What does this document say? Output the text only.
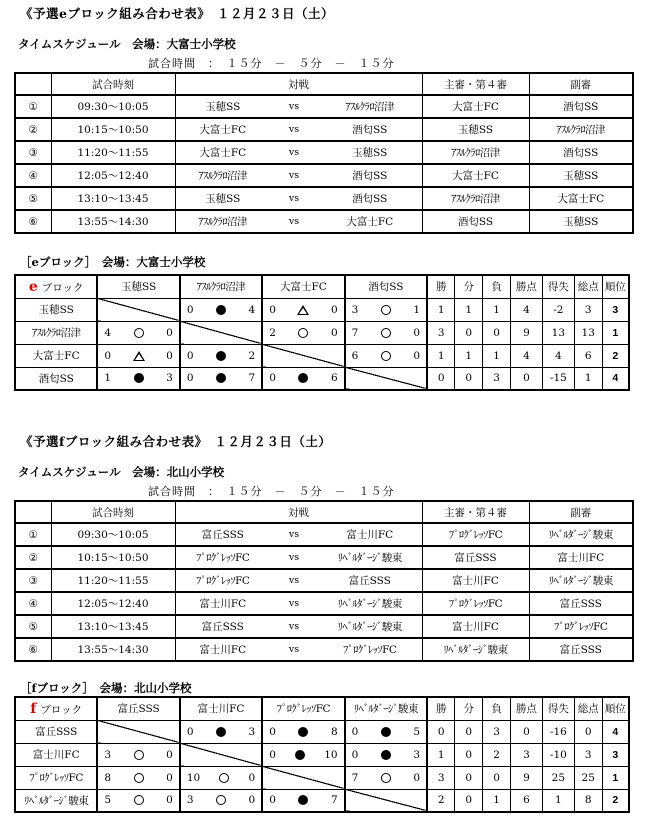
《予選eブロック組み合わせ表》　１２月２３日（土）
タイムスケジュール　会場：大富士小学校
試合時間　：　１５分　－　５分　－　１５分
	試合時刻	対戦			主審・第４審	副審
①	09:30～10:05	玉穂SS	vs	ｱｽﾙｸﾗﾛ沼津	大富士FC	酒匂SS
②	10:15～10:50	大富士FC	vs	酒匂SS	玉穂SS	ｱｽﾙｸﾗﾛ沼津
③	11:20～11:55	大富士FC	vs	玉穂SS	ｱｽﾙｸﾗﾛ沼津	酒匂SS
④	12:05～12:40	ｱｽﾙｸﾗﾛ沼津	vs	酒匂SS	大富士FC	玉穂SS
⑤	13:10～13:45	玉穂SS	vs	酒匂SS	ｱｽﾙｸﾗﾛ沼津	大富士FC
⑥	13:55～14:30	ｱｽﾙｸﾗﾛ沼津	vs	大富士FC	酒匂SS	玉穂SS
［eブロック］　会場：大富士小学校
e ブロック	玉穂SS	ｱｽﾙｸﾗﾛ沼津	大富士FC	酒匂SS	勝	分	負	勝点	得失	総点	順位
玉穂SS		0 4	0 0	3 1	1	1	1	4	-2	3	3
ｱｽﾙｸﾗﾛ沼津	4 0		2 0	7 0	3	0	0	9	13	13	1
大富士FC	0 0	0 2		6 0	1	1	1	4	4	6	2
酒匂SS	1 3	0 7	0 6		0	0	3	0	-15	1	4
《予選fブロック組み合わせ表》　１２月２３日（土）
タイムスケジュール　会場：北山小学校
試合時間　：　１５分　－　５分　－　１５分
	試合時刻	対戦			主審・第４審	副審
①	09:30～10:05	富丘SSS	vs	富士川FC	ﾌﾟﾛｸﾞﾚｯｿFC	ﾘﾍﾞﾙﾀﾞｰｼﾞ駿東
②	10:15～10:50	ﾌﾟﾛｸﾞﾚｯｿFC	vs	ﾘﾍﾞﾙﾀﾞｰｼﾞ駿東	富丘SSS	富士川FC
③	11:20～11:55	ﾌﾟﾛｸﾞﾚｯｿFC	vs	富丘SSS	富士川FC	ﾘﾍﾞﾙﾀﾞｰｼﾞ駿東
④	12:05～12:40	富士川FC	vs	ﾘﾍﾞﾙﾀﾞｰｼﾞ駿東	ﾌﾟﾛｸﾞﾚｯｿFC	富丘SSS
⑤	13:10～13:45	富丘SSS	vs	ﾘﾍﾞﾙﾀﾞｰｼﾞ駿東	富士川FC	ﾌﾟﾛｸﾞﾚｯｿFC
⑥	13:55～14:30	富士川FC	vs	ﾌﾟﾛｸﾞﾚｯｿFC	ﾘﾍﾞﾙﾀﾞｰｼﾞ駿東	富丘SSS
［fブロック］　会場：北山小学校
f ブロック	富丘SSS	富士川FC	ﾌﾟﾛｸﾞﾚｯｿFC	ﾘﾍﾞﾙﾀﾞｰｼﾞ駿東	勝	分	負	勝点	得失	総点	順位
富丘SSS		0 3	0 8	0 5	0	0	3	0	-16	0	4
富士川FC	3 0		0 10	0 3	1	0	2	3	-10	3	3
ﾌﾟﾛｸﾞﾚｯｿFC	8 0	10 0		7 0	3	0	0	9	25	25	1
ﾘﾍﾞﾙﾀﾞｰｼﾞ駿東	5 0	3 0	0 7		2	0	1	6	1	8	2
